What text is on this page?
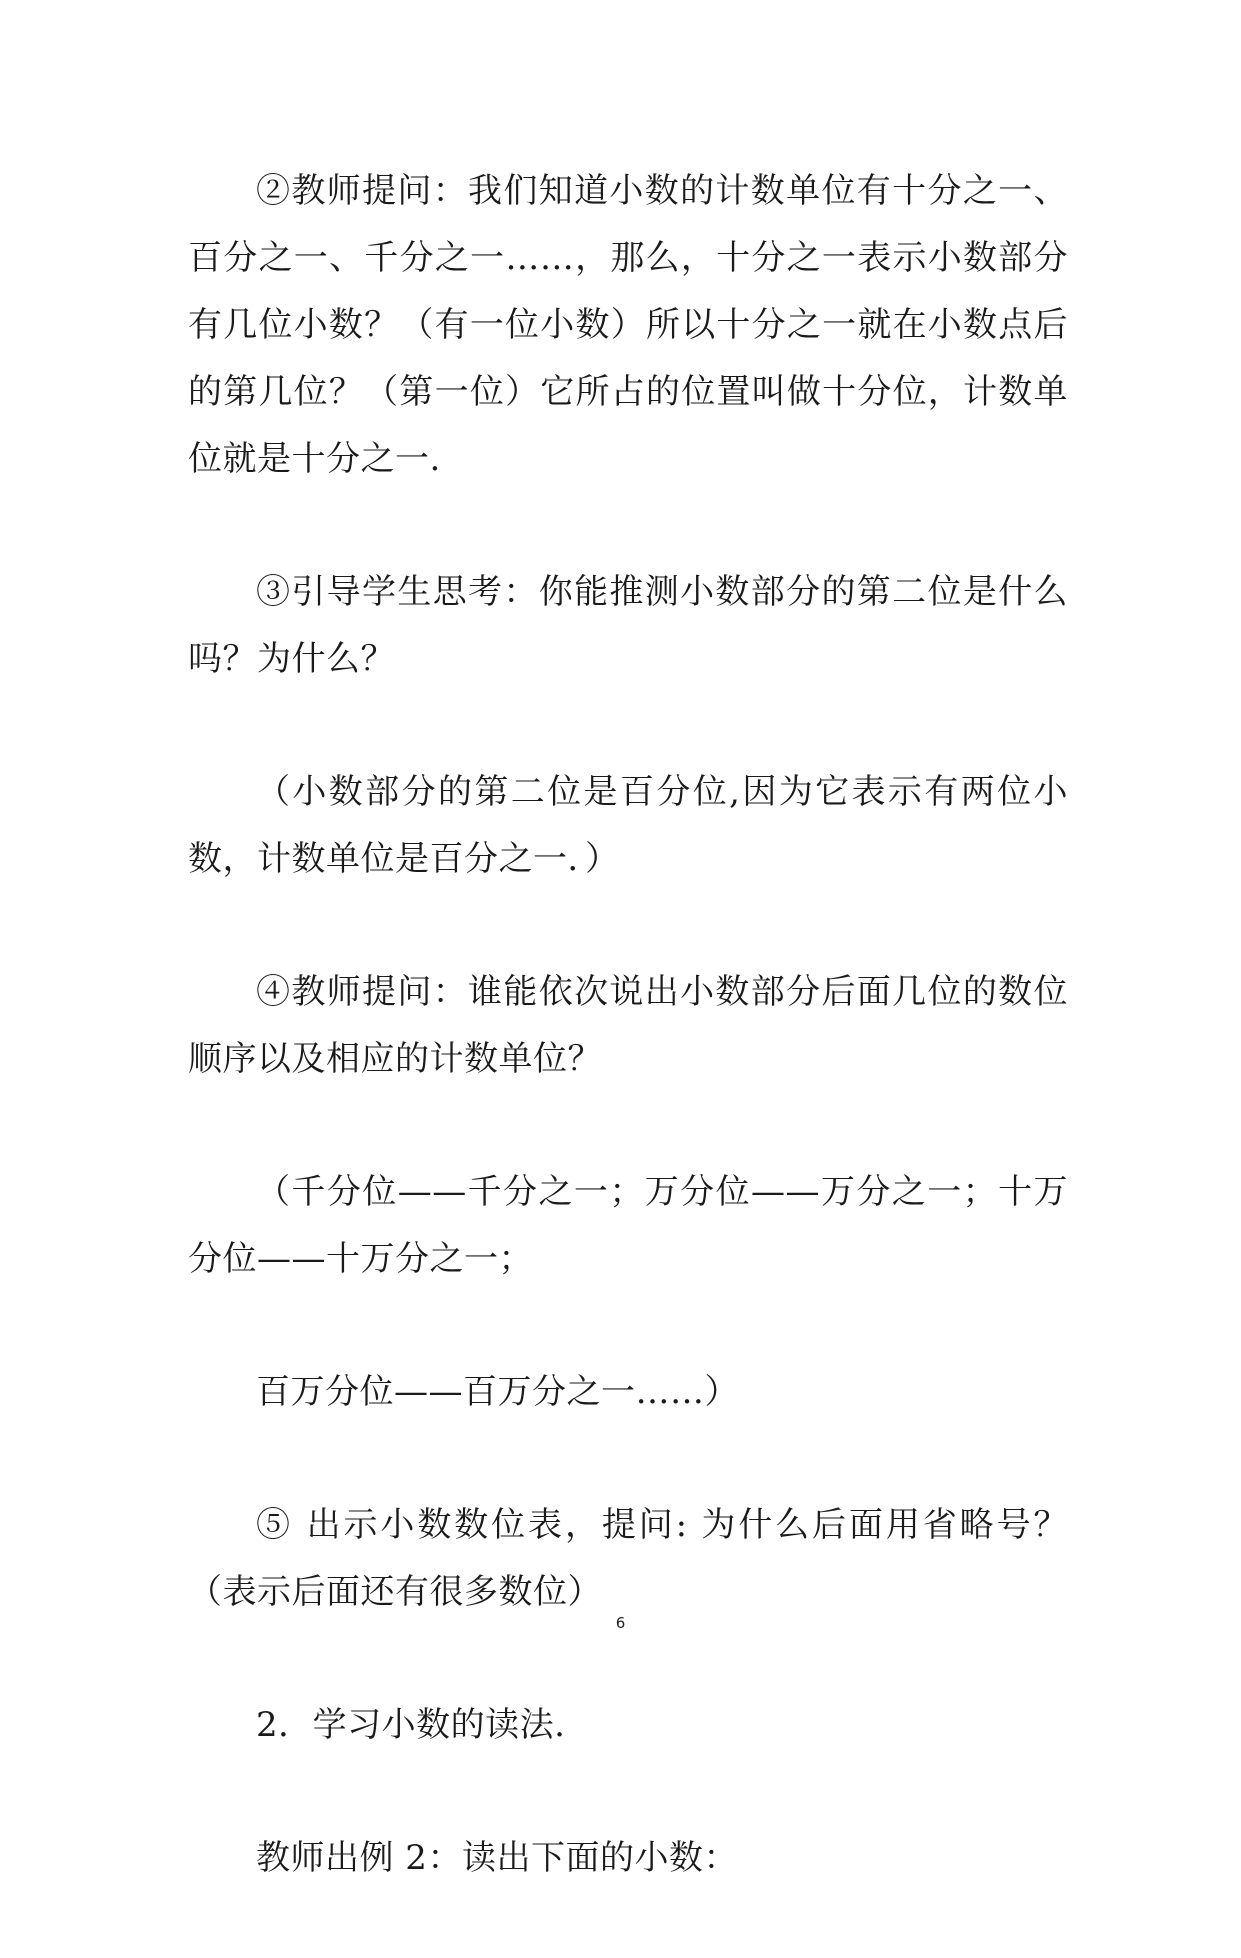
②教师提问：我们知道小数的计数单位有十分之一、百分之一、千分之一……，那么，十分之一表示小数部分有几位小数？（有一位小数）所以十分之一就在小数点后的第几位？（第一位）它所占的位置叫做十分位，计数单位就是十分之一.

③引导学生思考：你能推测小数部分的第二位是什么吗？为什么？

（小数部分的第二位是百分位,因为它表示有两位小数，计数单位是百分之一．）

④教师提问：谁能依次说出小数部分后面几位的数位顺序以及相应的计数单位？

（千分位——千分之一；万分位——万分之一；十万分位——十万分之一；

百万分位——百万分之一……）

⑤ 出示小数数位表，提问: 为什么后面用省略号？（表示后面还有很多数位）

2．学习小数的读法.

教师出例 2：读出下面的小数：

6
